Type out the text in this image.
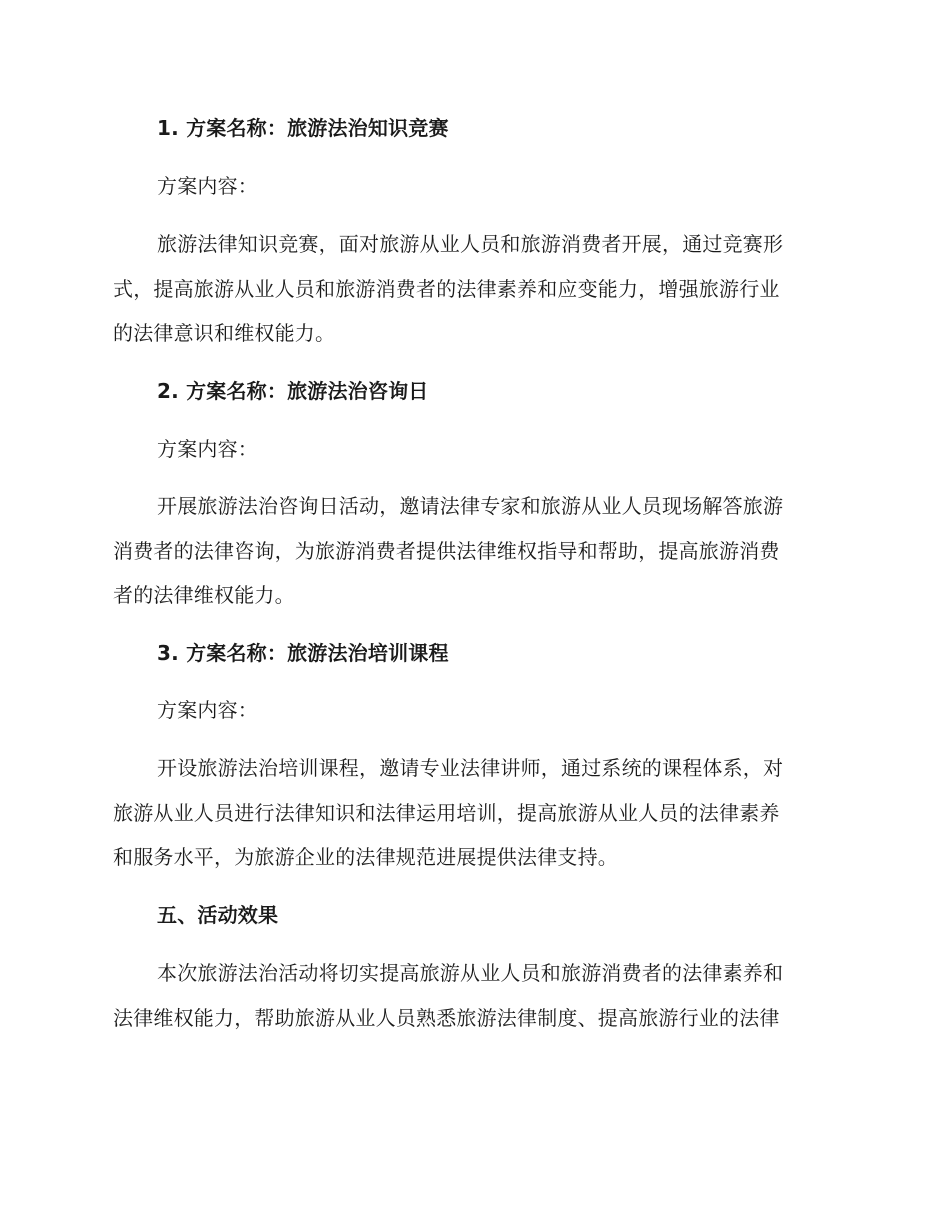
1. 方案名称：旅游法治知识竞赛
方案内容：
旅游法律知识竞赛，面对旅游从业人员和旅游消费者开展，通过竞赛形
式，提高旅游从业人员和旅游消费者的法律素养和应变能力，增强旅游行业
的法律意识和维权能力。
2. 方案名称：旅游法治咨询日
方案内容：
开展旅游法治咨询日活动，邀请法律专家和旅游从业人员现场解答旅游
消费者的法律咨询，为旅游消费者提供法律维权指导和帮助，提高旅游消费
者的法律维权能力。
3. 方案名称：旅游法治培训课程
方案内容：
开设旅游法治培训课程，邀请专业法律讲师，通过系统的课程体系，对
旅游从业人员进行法律知识和法律运用培训，提高旅游从业人员的法律素养
和服务水平，为旅游企业的法律规范进展提供法律支持。
五、活动效果
本次旅游法治活动将切实提高旅游从业人员和旅游消费者的法律素养和
法律维权能力，帮助旅游从业人员熟悉旅游法律制度、提高旅游行业的法律
